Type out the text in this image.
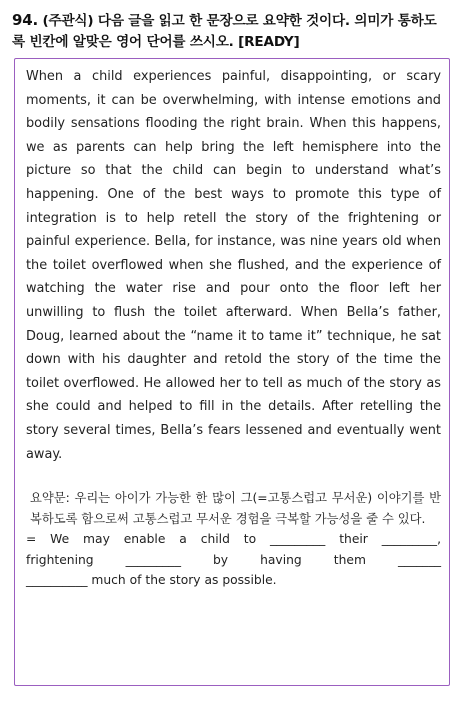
94. (주관식) 다음 글을 읽고 한 문장으로 요약한 것이다. 의미가 통하도록 빈칸에 알맞은 영어 단어를 쓰시오. [READY]

When a child experiences painful, disappointing, or scary moments, it can be overwhelming, with intense emotions and bodily sensations flooding the right brain. When this happens, we as parents can help bring the left hemisphere into the picture so that the child can begin to understand what’s happening. One of the best ways to promote this type of integration is to help retell the story of the frightening or painful experience. Bella, for instance, was nine years old when the toilet overflowed when she flushed, and the experience of watching the water rise and pour onto the floor left her unwilling to flush the toilet afterward. When Bella’s father, Doug, learned about the “name it to tame it” technique, he sat down with his daughter and retold the story of the time the toilet overflowed. He allowed her to tell as much of the story as she could and helped to fill in the details. After retelling the story several times, Bella’s fears lessened and eventually went away.

요약문: 우리는 아이가 가능한 한 많이 그(=고통스럽고 무서운) 이야기를 반복하도록 함으로써 고통스럽고 무서운 경험을 극복할 가능성을 줄 수 있다.
= We may enable a child to _________ their _________,
frightening _________ by having them _______
__________ much of the story as possible.
